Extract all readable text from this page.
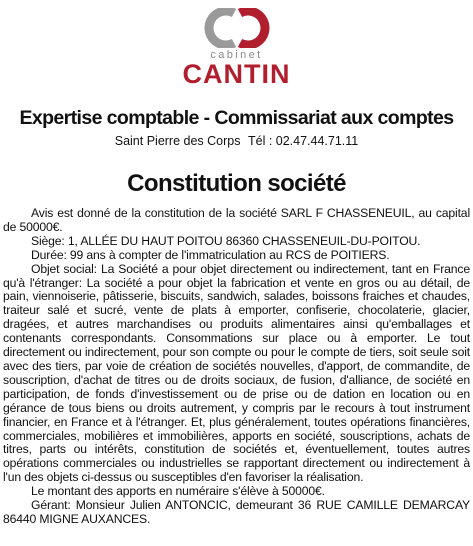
cabinet
CANTIN
Expertise comptable - Commissariat aux comptes
Saint Pierre des Corps Tél : 02.47.44.71.11
Constitution société

Avis est donné de la constitution de la société SARL F CHASSENEUIL, au capital de 50000€.

Siège: 1, ALLÉE DU HAUT POITOU 86360 CHASSENEUIL-DU-POITOU.

Durée: 99 ans à compter de l'immatriculation au RCS de POITIERS.

Objet social: La Société a pour objet directement ou indirectement, tant en France qu'à l'étranger: La société a pour objet la fabrication et vente en gros ou au détail, de pain, viennoiserie, pâtisserie, biscuits, sandwich, salades, boissons fraiches et chaudes, traiteur salé et sucré, vente de plats à emporter, confiserie, chocolaterie, glacier, dragées, et autres marchandises ou produits alimentaires ainsi qu'emballages et contenants correspondants. Consommations sur place ou à emporter. Le tout directement ou indirectement, pour son compte ou pour le compte de tiers, soit seule soit avec des tiers, par voie de création de sociétés nouvelles, d'apport, de commandite, de souscription, d'achat de titres ou de droits sociaux, de fusion, d'alliance, de société en participation, de fonds d'investissement ou de prise ou de dation en location ou en gérance de tous biens ou droits autrement, y compris par le recours à tout instrument financier, en France et à l'étranger. Et, plus généralement, toutes opérations financières, commerciales, mobilières et immobilières, apports en société, souscriptions, achats de titres, parts ou intérêts, constitution de sociétés et, éventuellement, toutes autres opérations commerciales ou industrielles se rapportant directement ou indirectement à l'un des objets ci-dessus ou susceptibles d'en favoriser la réalisation.

Le montant des apports en numéraire s'élève à 50000€.

Gérant: Monsieur Julien ANTONCIC, demeurant 36 RUE CAMILLE DEMARCAY 86440 MIGNE AUXANCES.
